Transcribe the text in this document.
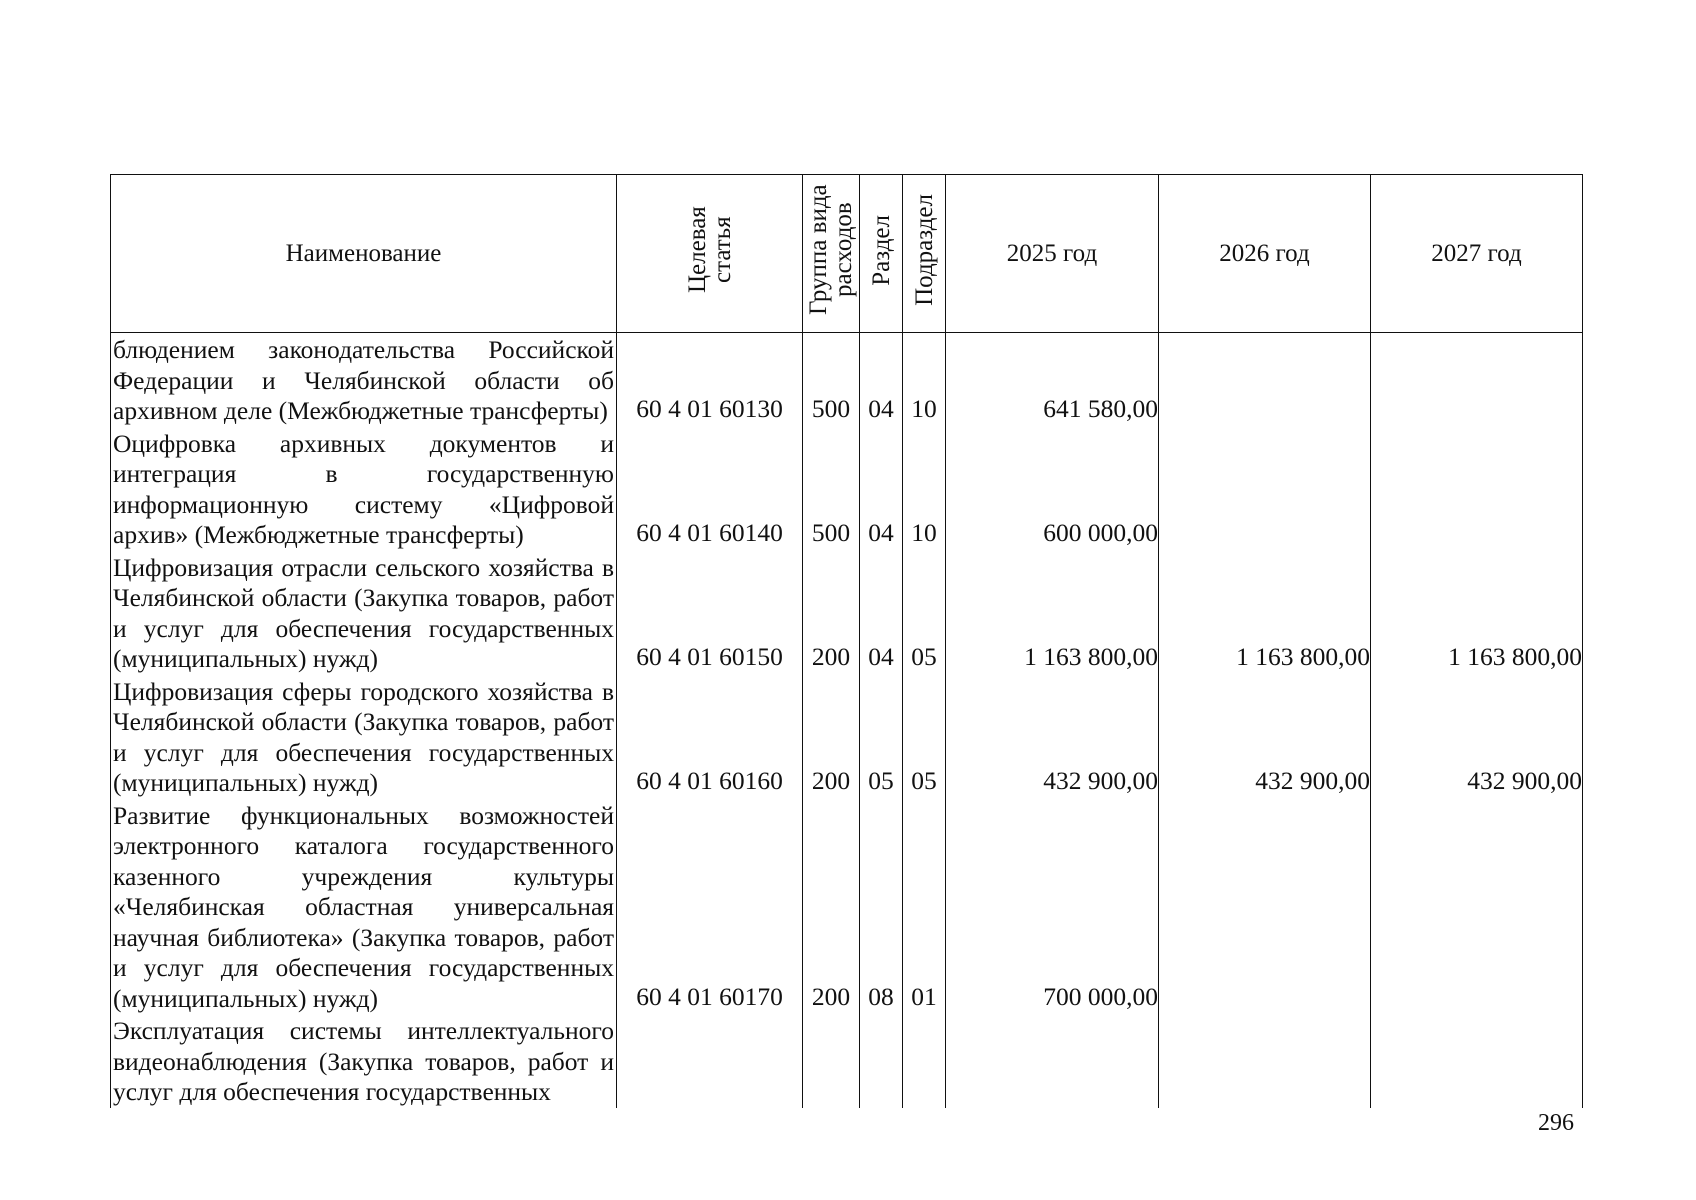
Наименование	Целевая статья	Группа вида расходов	Раздел	Подраздел	2025 год	2026 год	2027 год
блюдением законодательства Российской Федерации и Челябинской области об архивном деле (Межбюджетные трансферты)	60 4 01 60130	500	04	10	641 580,00		
Оцифровка архивных документов и интеграция в государственную информационную систему «Цифровой архив» (Межбюджетные трансферты)	60 4 01 60140	500	04	10	600 000,00		
Цифровизация отрасли сельского хозяйства в Челябинской области (Закупка товаров, работ и услуг для обеспечения государственных (муниципальных) нужд)	60 4 01 60150	200	04	05	1 163 800,00	1 163 800,00	1 163 800,00
Цифровизация сферы городского хозяйства в Челябинской области (Закупка товаров, работ и услуг для обеспечения государственных (муниципальных) нужд)	60 4 01 60160	200	05	05	432 900,00	432 900,00	432 900,00
Развитие функциональных возможностей электронного каталога государственного казенного учреждения культуры «Челябинская областная универсальная научная библиотека» (Закупка товаров, работ и услуг для обеспечения государственных (муниципальных) нужд)	60 4 01 60170	200	08	01	700 000,00		
Эксплуатация системы интеллектуального видеонаблюдения (Закупка товаров, работ и услуг для обеспечения государственных							
296
